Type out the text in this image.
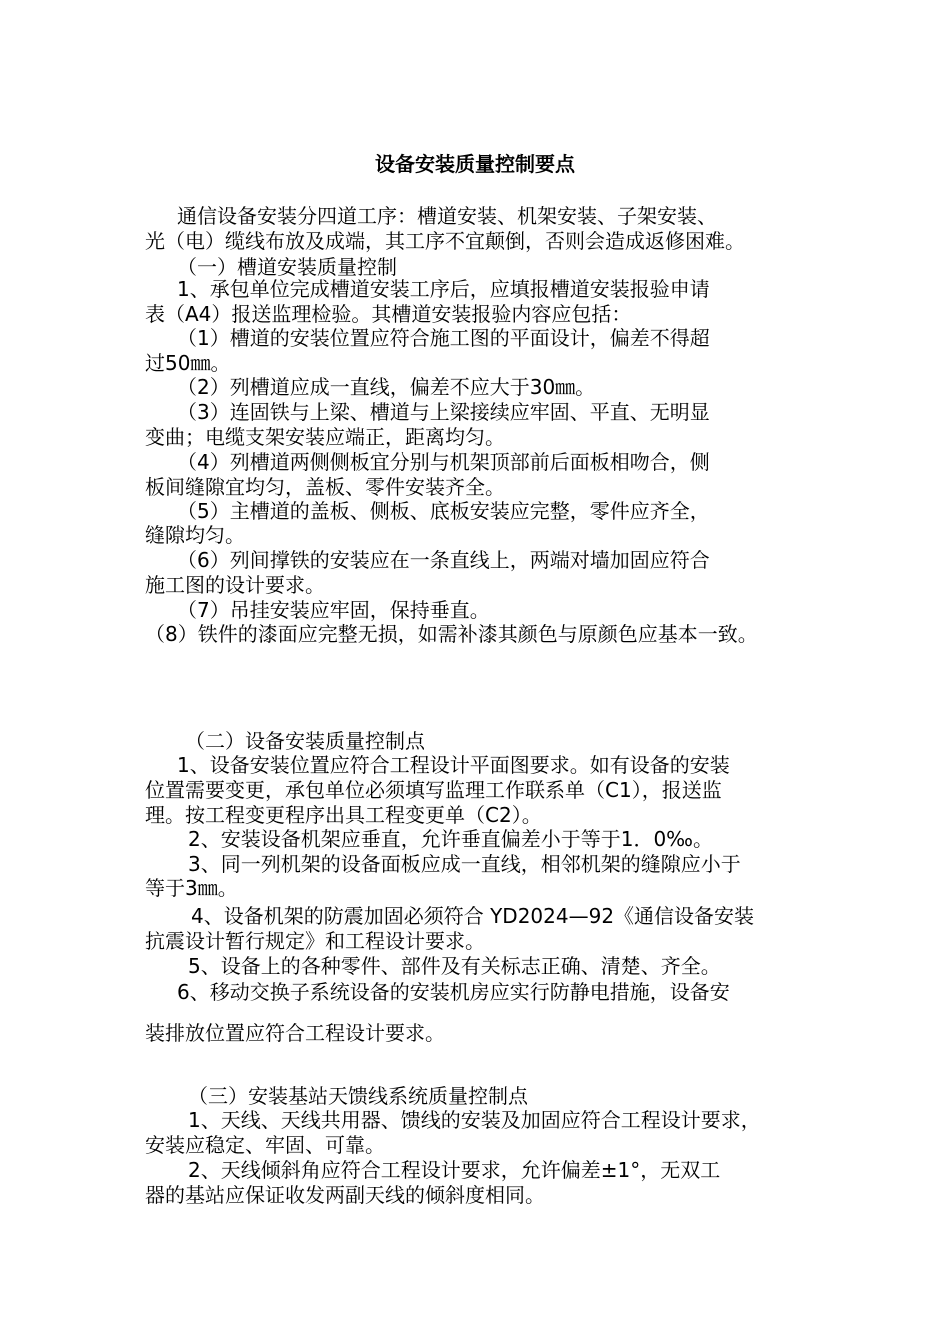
设备安装质量控制要点
通信设备安装分四道工序：槽道安装、机架安装、子架安装、
光（电）缆线布放及成端，其工序不宜颠倒，否则会造成返修困难。
（一）槽道安装质量控制
1、承包单位完成槽道安装工序后，应填报槽道安装报验申请
表（A4）报送监理检验。其槽道安装报验内容应包括：
（1）槽道的安装位置应符合施工图的平面设计，偏差不得超
过50㎜。
（2）列槽道应成一直线，偏差不应大于30㎜。
（3）连固铁与上梁、槽道与上梁接续应牢固、平直、无明显
变曲；电缆支架安装应端正，距离均匀。
（4）列槽道两侧侧板宜分别与机架顶部前后面板相吻合，侧
板间缝隙宜均匀，盖板、零件安装齐全。
（5）主槽道的盖板、侧板、底板安装应完整，零件应齐全，
缝隙均匀。
（6）列间撑铁的安装应在一条直线上，两端对墙加固应符合
施工图的设计要求。
（7）吊挂安装应牢固，保持垂直。
（8）铁件的漆面应完整无损，如需补漆其颜色与原颜色应基本一致。
（二）设备安装质量控制点
1、设备安装位置应符合工程设计平面图要求。如有设备的安装
位置需要变更，承包单位必须填写监理工作联系单（C1），报送监
理。按工程变更程序出具工程变更单（C2）。
2、安装设备机架应垂直，允许垂直偏差小于等于1．0‰。
3、同一列机架的设备面板应成一直线，相邻机架的缝隙应小于
等于3㎜。
4、设备机架的防震加固必须符合 YD2024—92《通信设备安装
抗震设计暂行规定》和工程设计要求。
5、设备上的各种零件、部件及有关标志正确、清楚、齐全。
6、移动交换子系统设备的安装机房应实行防静电措施，设备安
装排放位置应符合工程设计要求。
（三）安装基站天馈线系统质量控制点
1、天线、天线共用器、馈线的安装及加固应符合工程设计要求，
安装应稳定、牢固、可靠。
2、天线倾斜角应符合工程设计要求，允许偏差±1°，无双工
器的基站应保证收发两副天线的倾斜度相同。
